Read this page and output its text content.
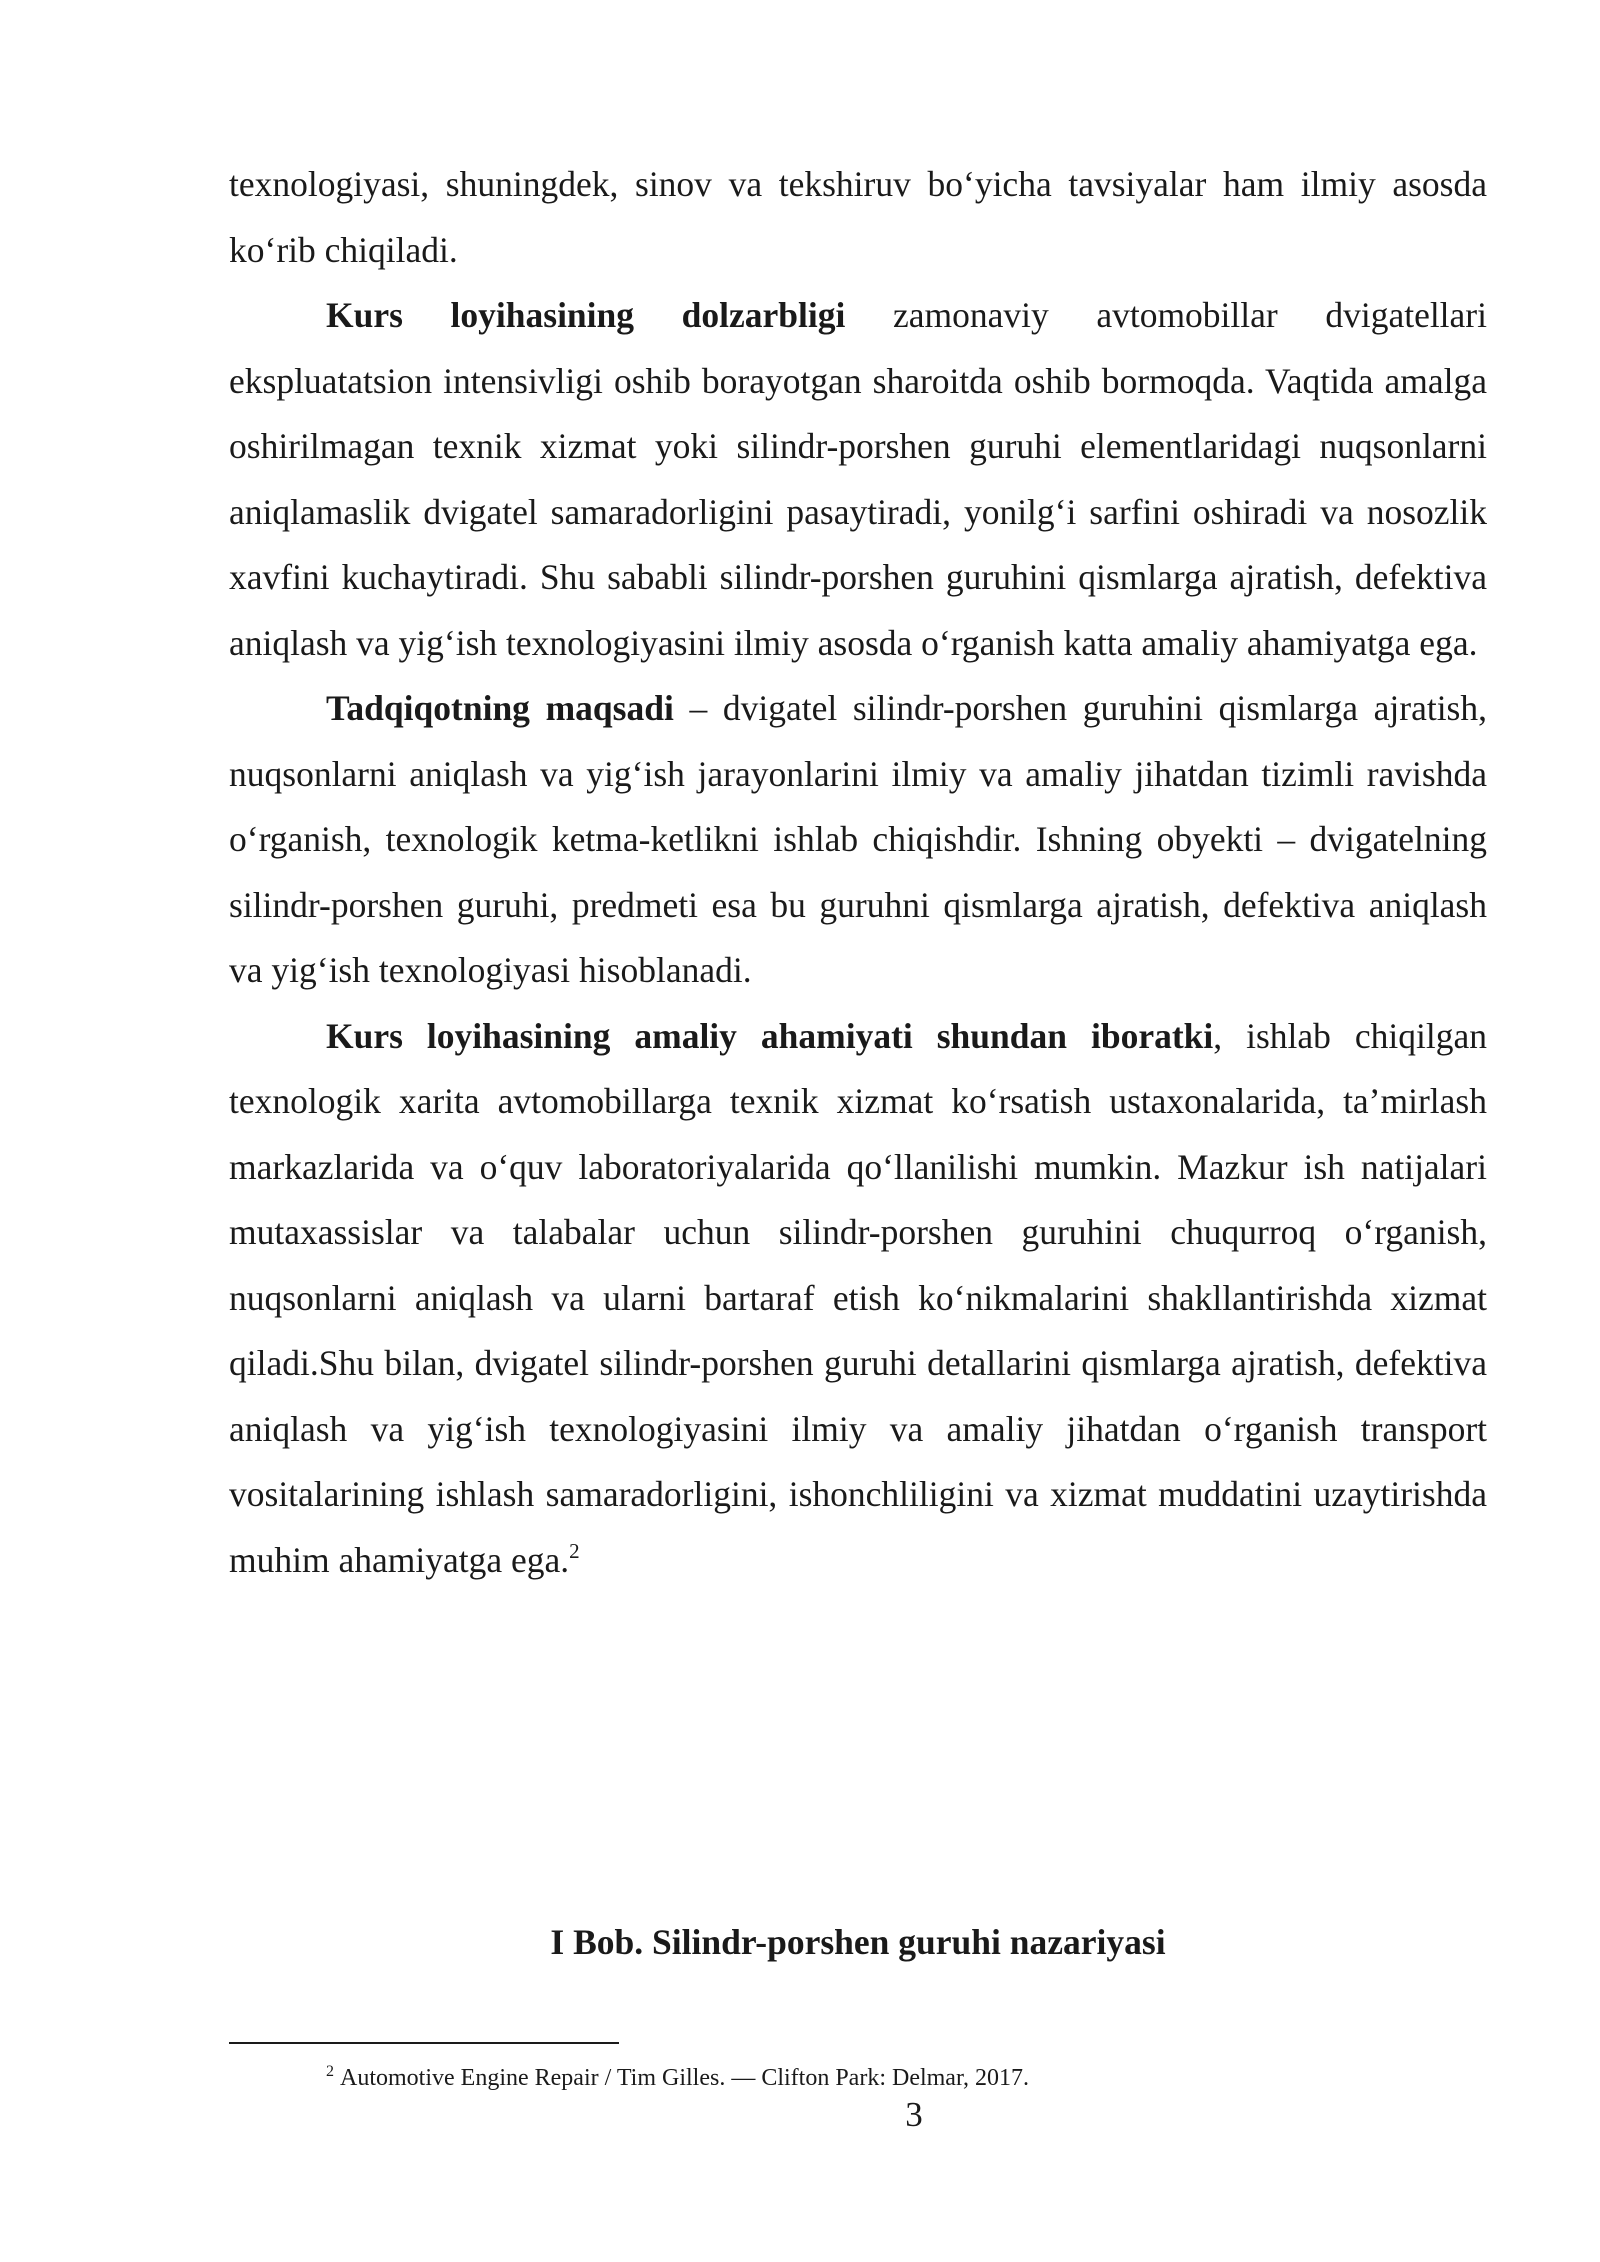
texnologiyasi, shuningdek, sinov va tekshiruv bo‘yicha tavsiyalar ham ilmiy asosda ko‘rib chiqiladi.

Kurs loyihasining dolzarbligi zamonaviy avtomobillar dvigatellari ekspluatatsion intensivligi oshib borayotgan sharoitda oshib bormoqda. Vaqtida amalga oshirilmagan texnik xizmat yoki silindr-porshen guruhi elementlaridagi nuqsonlarni aniqlamaslik dvigatel samaradorligini pasaytiradi, yonilg‘i sarfini oshiradi va nosozlik xavfini kuchaytiradi. Shu sababli silindr-porshen guruhini qismlarga ajratish, defektiva aniqlash va yig‘ish texnologiyasini ilmiy asosda o‘rganish katta amaliy ahamiyatga ega.

Tadqiqotning maqsadi – dvigatel silindr-porshen guruhini qismlarga ajratish, nuqsonlarni aniqlash va yig‘ish jarayonlarini ilmiy va amaliy jihatdan tizimli ravishda o‘rganish, texnologik ketma-ketlikni ishlab chiqishdir. Ishning obyekti – dvigatelning silindr-porshen guruhi, predmeti esa bu guruhni qismlarga ajratish, defektiva aniqlash va yig‘ish texnologiyasi hisoblanadi.

Kurs loyihasining amaliy ahamiyati shundan iboratki, ishlab chiqilgan texnologik xarita avtomobillarga texnik xizmat ko‘rsatish ustaxonalarida, ta’mirlash markazlarida va o‘quv laboratoriyalarida qo‘llanilishi mumkin. Mazkur ish natijalari mutaxassislar va talabalar uchun silindr-porshen guruhini chuqurroq o‘rganish, nuqsonlarni aniqlash va ularni bartaraf etish ko‘nikmalarini shakllantirishda xizmat qiladi.Shu bilan, dvigatel silindr-porshen guruhi detallarini qismlarga ajratish, defektiva aniqlash va yig‘ish texnologiyasini ilmiy va amaliy jihatdan o‘rganish transport vositalarining ishlash samaradorligini, ishonchliligini va xizmat muddatini uzaytirishda muhim ahamiyatga ega.$^2$

I Bob. Silindr-porshen guruhi nazariyasi
$^2$ Automotive Engine Repair / Tim Gilles. — Clifton Park: Delmar, 2017.
3
